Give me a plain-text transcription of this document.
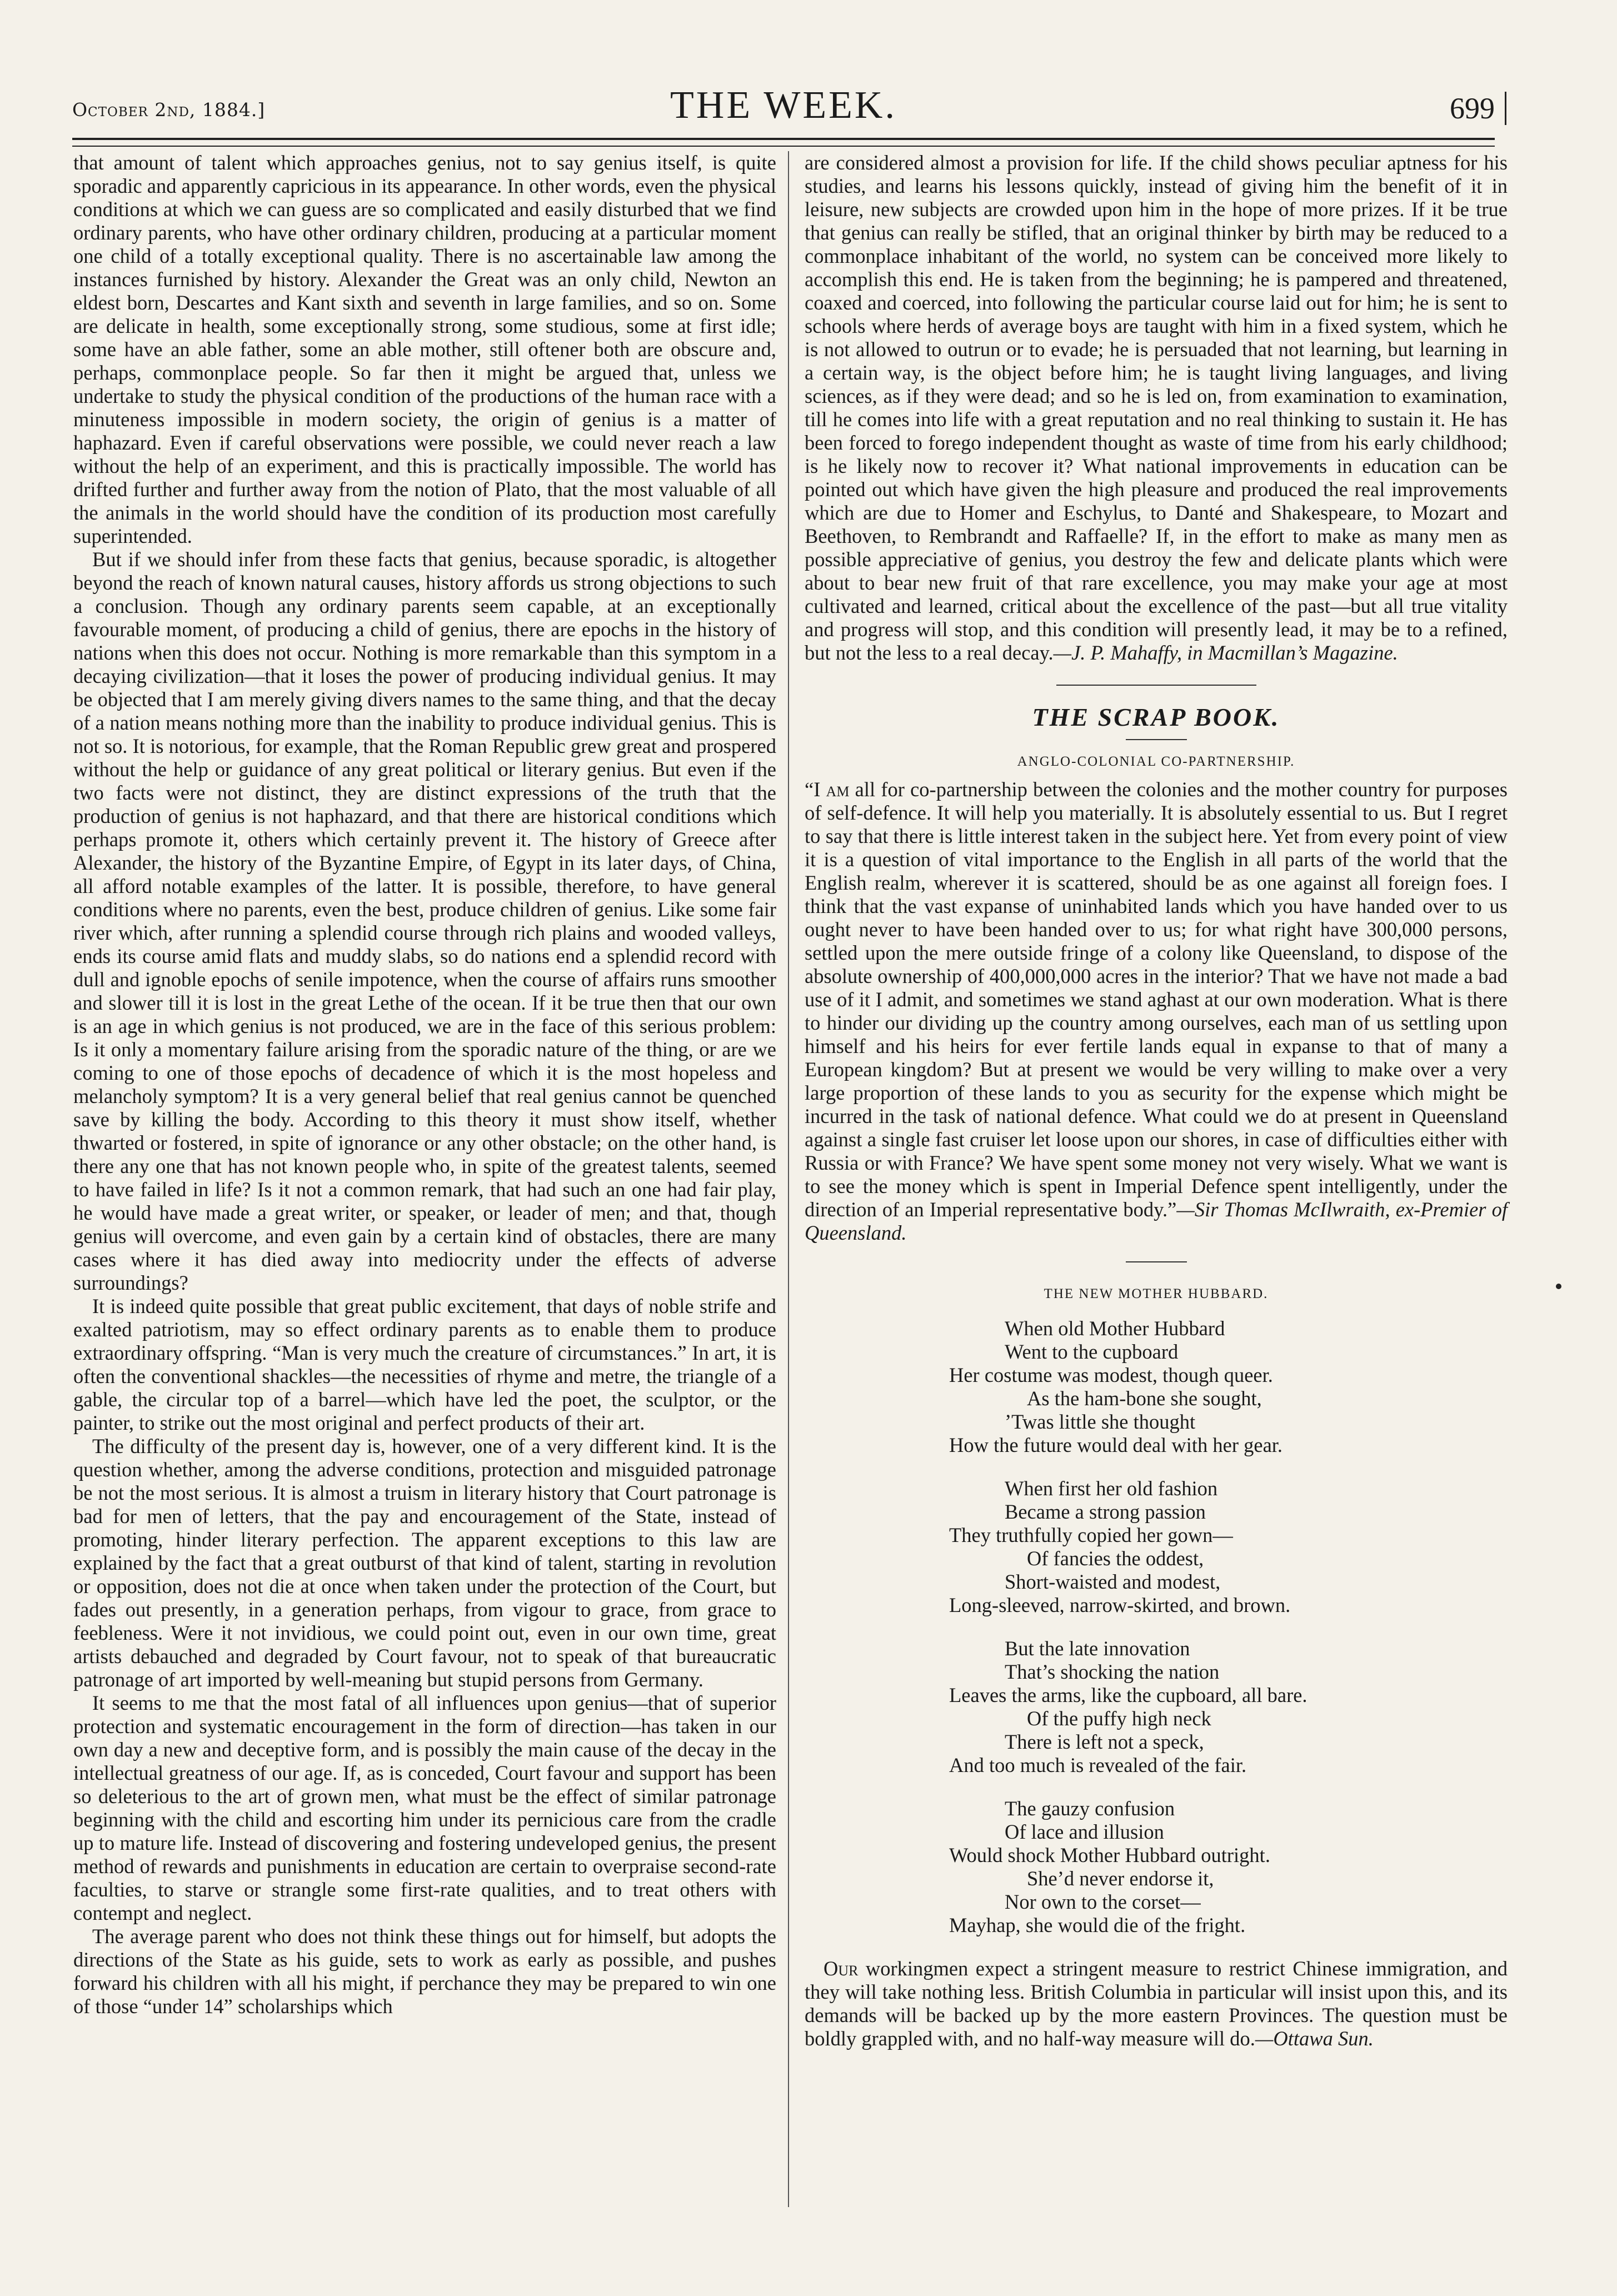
October 2nd, 1884.]	THE WEEK.	699

that amount of talent which approaches genius, not to say genius itself, is quite sporadic and apparently capricious in its appearance. In other words, even the physical conditions at which we can guess are so complicated and easily disturbed that we find ordinary parents, who have other ordinary children, producing at a particular moment one child of a totally exceptional quality. There is no ascertainable law among the instances furnished by history. Alexander the Great was an only child, Newton an eldest born, Descartes and Kant sixth and seventh in large families, and so on. Some are delicate in health, some exceptionally strong, some studious, some at first idle; some have an able father, some an able mother, still oftener both are obscure and, perhaps, commonplace people. So far then it might be argued that, unless we undertake to study the physical condition of the productions of the human race with a minuteness impossible in modern society, the origin of genius is a matter of haphazard. Even if careful observations were possible, we could never reach a law without the help of an experiment, and this is practically impossible. The world has drifted further and further away from the notion of Plato, that the most valuable of all the animals in the world should have the condition of its production most carefully superintended.

But if we should infer from these facts that genius, because sporadic, is altogether beyond the reach of known natural causes, history affords us strong objections to such a conclusion. Though any ordinary parents seem capable, at an exceptionally favourable moment, of producing a child of genius, there are epochs in the history of nations when this does not occur. Nothing is more remarkable than this symptom in a decaying civilization—that it loses the power of producing individual genius. It may be objected that I am merely giving divers names to the same thing, and that the decay of a nation means nothing more than the inability to produce individual genius. This is not so. It is notorious, for example, that the Roman Republic grew great and prospered without the help or guidance of any great political or literary genius. But even if the two facts were not distinct, they are distinct expressions of the truth that the production of genius is not haphazard, and that there are historical conditions which perhaps promote it, others which certainly prevent it. The history of Greece after Alexander, the history of the Byzantine Empire, of Egypt in its later days, of China, all afford notable examples of the latter. It is possible, therefore, to have general conditions where no parents, even the best, produce children of genius. Like some fair river which, after running a splendid course through rich plains and wooded valleys, ends its course amid flats and muddy slabs, so do nations end a splendid record with dull and ignoble epochs of senile impotence, when the course of affairs runs smoother and slower till it is lost in the great Lethe of the ocean. If it be true then that our own is an age in which genius is not produced, we are in the face of this serious problem: Is it only a momentary failure arising from the sporadic nature of the thing, or are we coming to one of those epochs of decadence of which it is the most hopeless and melancholy symptom? It is a very general belief that real genius cannot be quenched save by killing the body. According to this theory it must show itself, whether thwarted or fostered, in spite of ignorance or any other obstacle; on the other hand, is there any one that has not known people who, in spite of the greatest talents, seemed to have failed in life? Is it not a common remark, that had such an one had fair play, he would have made a great writer, or speaker, or leader of men; and that, though genius will overcome, and even gain by a certain kind of obstacles, there are many cases where it has died away into mediocrity under the effects of adverse surroundings?

It is indeed quite possible that great public excitement, that days of noble strife and exalted patriotism, may so effect ordinary parents as to enable them to produce extraordinary offspring. “Man is very much the creature of circumstances.” In art, it is often the conventional shackles—the necessities of rhyme and metre, the triangle of a gable, the circular top of a barrel—which have led the poet, the sculptor, or the painter, to strike out the most original and perfect products of their art.

The difficulty of the present day is, however, one of a very different kind. It is the question whether, among the adverse conditions, protection and misguided patronage be not the most serious. It is almost a truism in literary history that Court patronage is bad for men of letters, that the pay and encouragement of the State, instead of promoting, hinder literary perfection. The apparent exceptions to this law are explained by the fact that a great outburst of that kind of talent, starting in revolution or opposition, does not die at once when taken under the protection of the Court, but fades out presently, in a generation perhaps, from vigour to grace, from grace to feebleness. Were it not invidious, we could point out, even in our own time, great artists debauched and degraded by Court favour, not to speak of that bureaucratic patronage of art imported by well-meaning but stupid persons from Germany.

It seems to me that the most fatal of all influences upon genius—that of superior protection and systematic encouragement in the form of direction—has taken in our own day a new and deceptive form, and is possibly the main cause of the decay in the intellectual greatness of our age. If, as is conceded, Court favour and support has been so deleterious to the art of grown men, what must be the effect of similar patronage beginning with the child and escorting him under its pernicious care from the cradle up to mature life. Instead of discovering and fostering undeveloped genius, the present method of rewards and punishments in education are certain to overpraise second-rate faculties, to starve or strangle some first-rate qualities, and to treat others with contempt and neglect.

The average parent who does not think these things out for himself, but adopts the directions of the State as his guide, sets to work as early as possible, and pushes forward his children with all his might, if perchance they may be prepared to win one of those “under 14” scholarships which

are considered almost a provision for life. If the child shows peculiar aptness for his studies, and learns his lessons quickly, instead of giving him the benefit of it in leisure, new subjects are crowded upon him in the hope of more prizes. If it be true that genius can really be stifled, that an original thinker by birth may be reduced to a commonplace inhabitant of the world, no system can be conceived more likely to accomplish this end. He is taken from the beginning; he is pampered and threatened, coaxed and coerced, into following the particular course laid out for him; he is sent to schools where herds of average boys are taught with him in a fixed system, which he is not allowed to outrun or to evade; he is persuaded that not learning, but learning in a certain way, is the object before him; he is taught living languages, and living sciences, as if they were dead; and so he is led on, from examination to examination, till he comes into life with a great reputation and no real thinking to sustain it. He has been forced to forego independent thought as waste of time from his early childhood; is he likely now to recover it? What national improvements in education can be pointed out which have given the high pleasure and produced the real improvements which are due to Homer and Eschylus, to Danté and Shakespeare, to Mozart and Beethoven, to Rembrandt and Raffaelle? If, in the effort to make as many men as possible appreciative of genius, you destroy the few and delicate plants which were about to bear new fruit of that rare excellence, you may make your age at most cultivated and learned, critical about the excellence of the past—but all true vitality and progress will stop, and this condition will presently lead, it may be to a refined, but not the less to a real decay.—J. P. Mahaffy, in Macmillan’s Magazine.

THE SCRAP BOOK.
ANGLO-COLONIAL CO-PARTNERSHIP.

“I am all for co-partnership between the colonies and the mother country for purposes of self-defence. It will help you materially. It is absolutely essential to us. But I regret to say that there is little interest taken in the subject here. Yet from every point of view it is a question of vital importance to the English in all parts of the world that the English realm, wherever it is scattered, should be as one against all foreign foes. I think that the vast expanse of uninhabited lands which you have handed over to us ought never to have been handed over to us; for what right have 300,000 persons, settled upon the mere outside fringe of a colony like Queensland, to dispose of the absolute ownership of 400,000,000 acres in the interior? That we have not made a bad use of it I admit, and sometimes we stand aghast at our own moderation. What is there to hinder our dividing up the country among ourselves, each man of us settling upon himself and his heirs for ever fertile lands equal in expanse to that of many a European kingdom? But at present we would be very willing to make over a very large proportion of these lands to you as security for the expense which might be incurred in the task of national defence. What could we do at present in Queensland against a single fast cruiser let loose upon our shores, in case of difficulties either with Russia or with France? We have spent some money not very wisely. What we want is to see the money which is spent in Imperial Defence spent intelligently, under the direction of an Imperial representative body.”—Sir Thomas McIlwraith, ex-Premier of Queensland.

THE NEW MOTHER HUBBARD.
When old Mother Hubbard
Went to the cupboard
Her costume was modest, though queer.
As the ham-bone she sought,
’Twas little she thought
How the future would deal with her gear.
When first her old fashion
Became a strong passion
They truthfully copied her gown—
Of fancies the oddest,
Short-waisted and modest,
Long-sleeved, narrow-skirted, and brown.
But the late innovation
That’s shocking the nation
Leaves the arms, like the cupboard, all bare.
Of the puffy high neck
There is left not a speck,
And too much is revealed of the fair.
The gauzy confusion
Of lace and illusion
Would shock Mother Hubbard outright.
She’d never endorse it,
Nor own to the corset—
Mayhap, she would die of the fright.

Our workingmen expect a stringent measure to restrict Chinese immigration, and they will take nothing less. British Columbia in particular will insist upon this, and its demands will be backed up by the more eastern Provinces. The question must be boldly grappled with, and no half-way measure will do.—Ottawa Sun.
